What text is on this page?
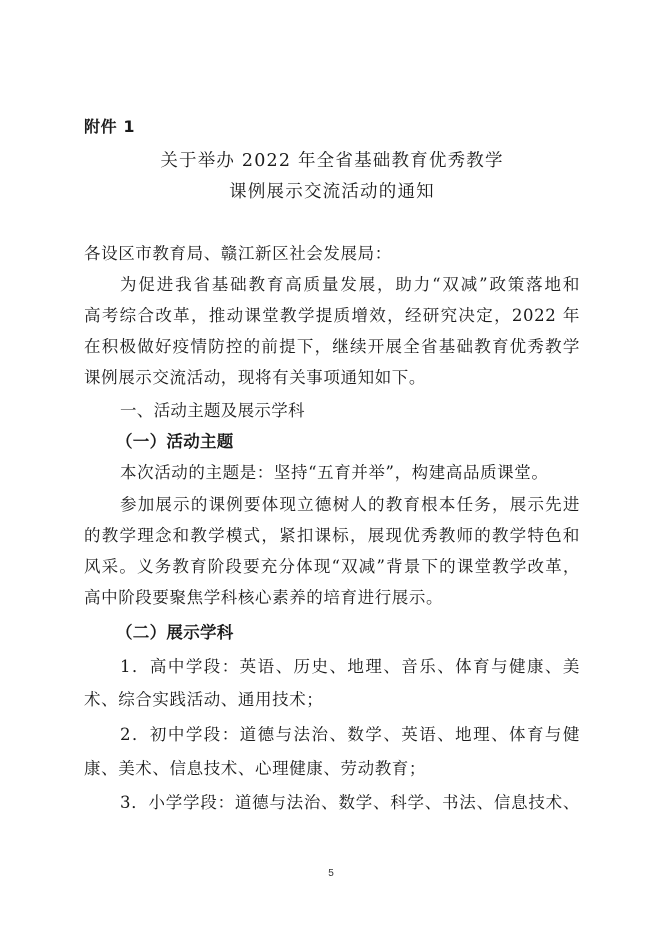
附件 1
关于举办 2022 年全省基础教育优秀教学
课例展示交流活动的通知
各设区市教育局、赣江新区社会发展局：
为促进我省基础教育高质量发展，助力“双减”政策落地和
高考综合改革，推动课堂教学提质增效，经研究决定，2022 年
在积极做好疫情防控的前提下，继续开展全省基础教育优秀教学
课例展示交流活动，现将有关事项通知如下。
一、活动主题及展示学科
（一）活动主题
本次活动的主题是：坚持“五育并举”，构建高品质课堂。
参加展示的课例要体现立德树人的教育根本任务，展示先进
的教学理念和教学模式，紧扣课标，展现优秀教师的教学特色和
风采。义务教育阶段要充分体现“双减”背景下的课堂教学改革，
高中阶段要聚焦学科核心素养的培育进行展示。
（二）展示学科
1．高中学段：英语、历史、地理、音乐、体育与健康、美
术、综合实践活动、通用技术；
2．初中学段：道德与法治、数学、英语、地理、体育与健
康、美术、信息技术、心理健康、劳动教育；
3．小学学段：道德与法治、数学、科学、书法、信息技术、
5
